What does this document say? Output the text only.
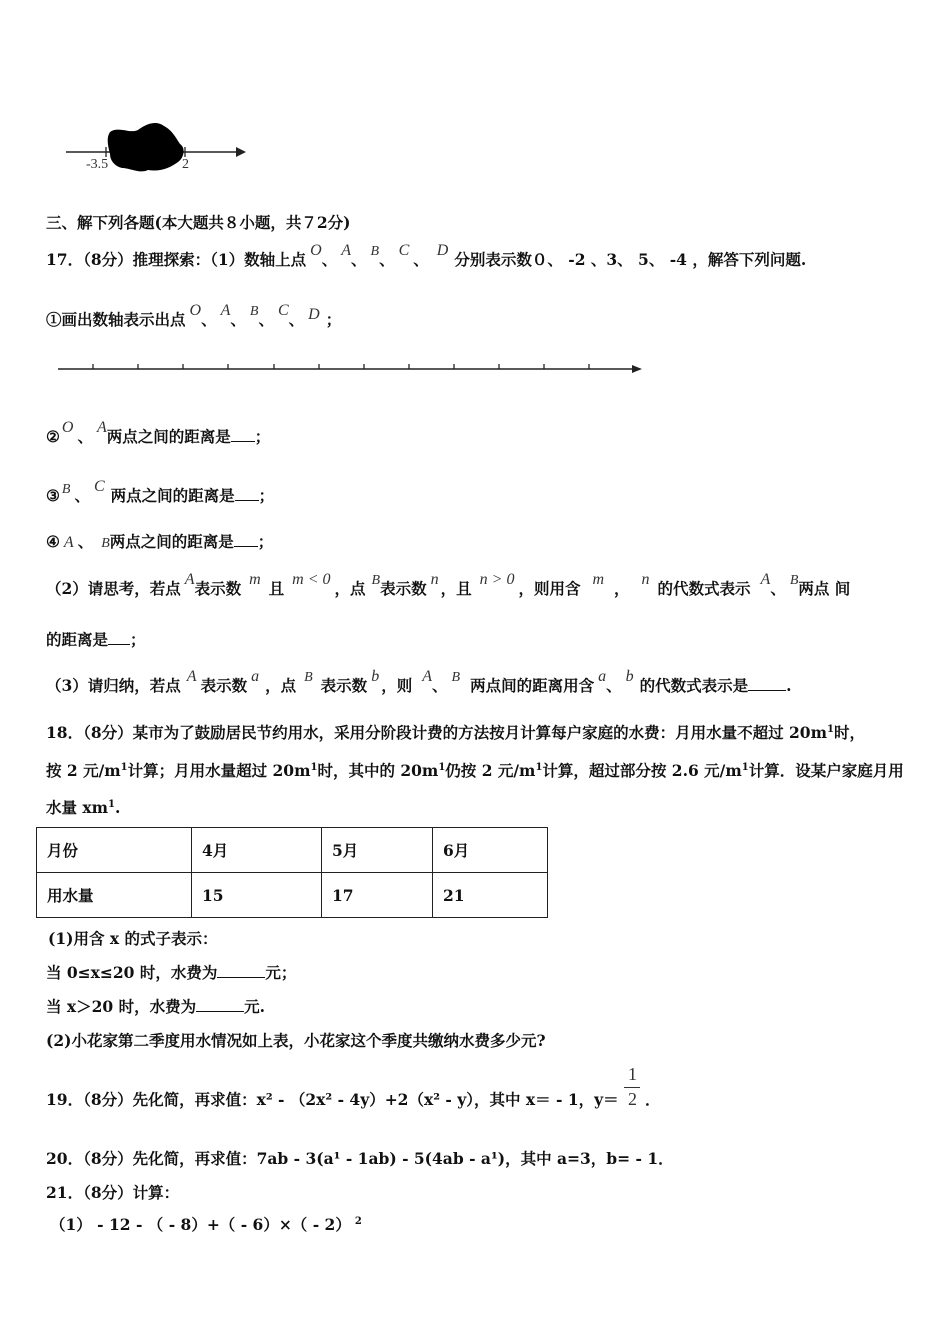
-3.5	2
三、解下列各题(本大题共８小题，共７2分)
17．（8分）推理探索：（1）数轴上点 O、 A、 B、 C 、 D 分别表示数０、 -2 、3、 5、 -4 ，解答下列问题.
①画出数轴表示出点 O、 A、 B、 C、 D ；
② O 、 A两点之间的距离是 ；
③ B 、 C 两点之间的距离是 ；
④ A 、 B两点之间的距离是 ；
（2）请思考，若点 A表示数 m 且 m < 0 ，点 B表示数 n ，且 n > 0 ，则用含 m ， n 的代数式表示 A、 B两点 间
的距离是 ；
（3）请归纳，若点 A 表示数 a ，点 B 表示数 b ，则 A、 B 两点间的距离用含 a、 b 的代数式表示是 .
18．（8分）某市为了鼓励居民节约用水，采用分阶段计费的方法按月计算每户家庭的水费：月用水量不超过 $20m^1$时，
按 2 元$/m^1$计算；月用水量超过 $20m^1$时，其中的 $20m^1$仍按 2 元$/m^1$计算，超过部分按 2.6 元$/m^1$计算．设某户家庭月用
水量 $xm^1$.
月份	4月	5月	6月
用水量	15	17	21
(1)用含 x 的式子表示：
当 0≤x≤20 时，水费为	元；
当 x＞20 时，水费为	元.
(2)小花家第二季度用水情况如上表，小花家这个季度共缴纳水费多少元?
19．（8分）先化简，再求值：x² - （2x² - 4y）+2（x² - y），其中 x＝ - 1，y＝
1
2 ．
20．（8分）先化简，再求值：7ab - 3(a¹ - 1ab) - 5(4ab - a¹)，其中 a=3，b= - 1．
21．（8分）计算：
（1） - 12 - （ - 8）+（ - 6）×（ - 2） $^2$
